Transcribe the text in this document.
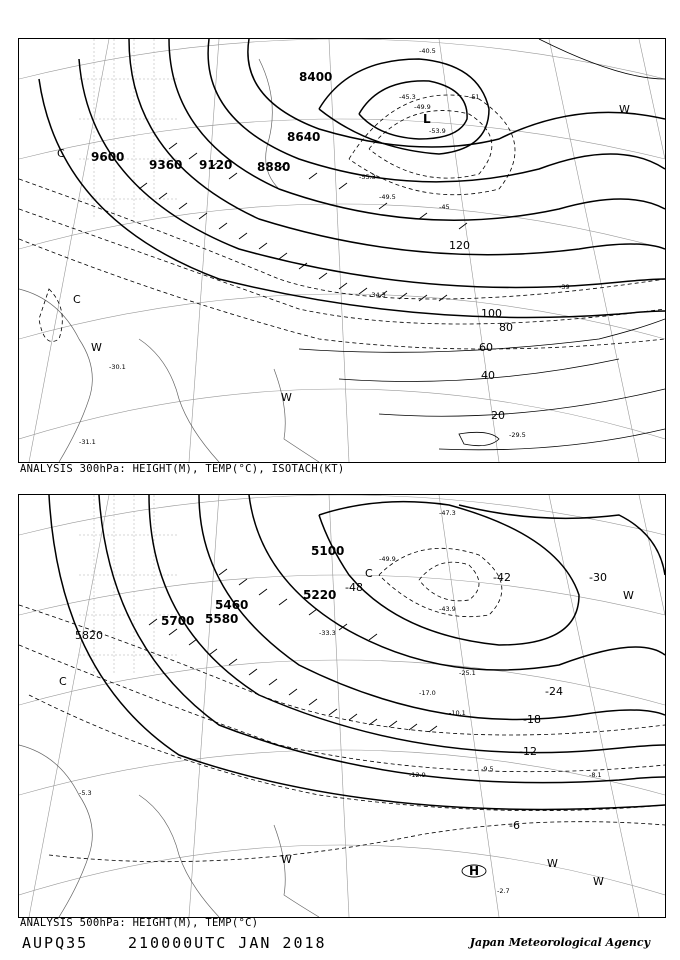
8400
8640
8880
9120
9360
9600
L
20
40
60
80
100
120
-40.5
-45.3
-49.9
-53.9
-51
-55.3
-49.5
-45
-39
-34.3
-30.1
-29.5
-31.1
C
C
W
W
W
ANALYSIS 300hPa: HEIGHT(M), TEMP(°C), ISOTACH(KT)
5100
5220
5460
5580
5700
5820
H
-48
-42	-30
-24
-18
-12
-6
-47.3
-49.9
-43.9
-33.3
-25.1
-17.0
-10.1
-9.5
-8.1
-12.9
-2.7
-5.3
C
C
W
W	W
W
ANALYSIS 500hPa: HEIGHT(M), TEMP(°C)
AUPQ35	210000UTC JAN 2018	Japan Meteorological Agency
